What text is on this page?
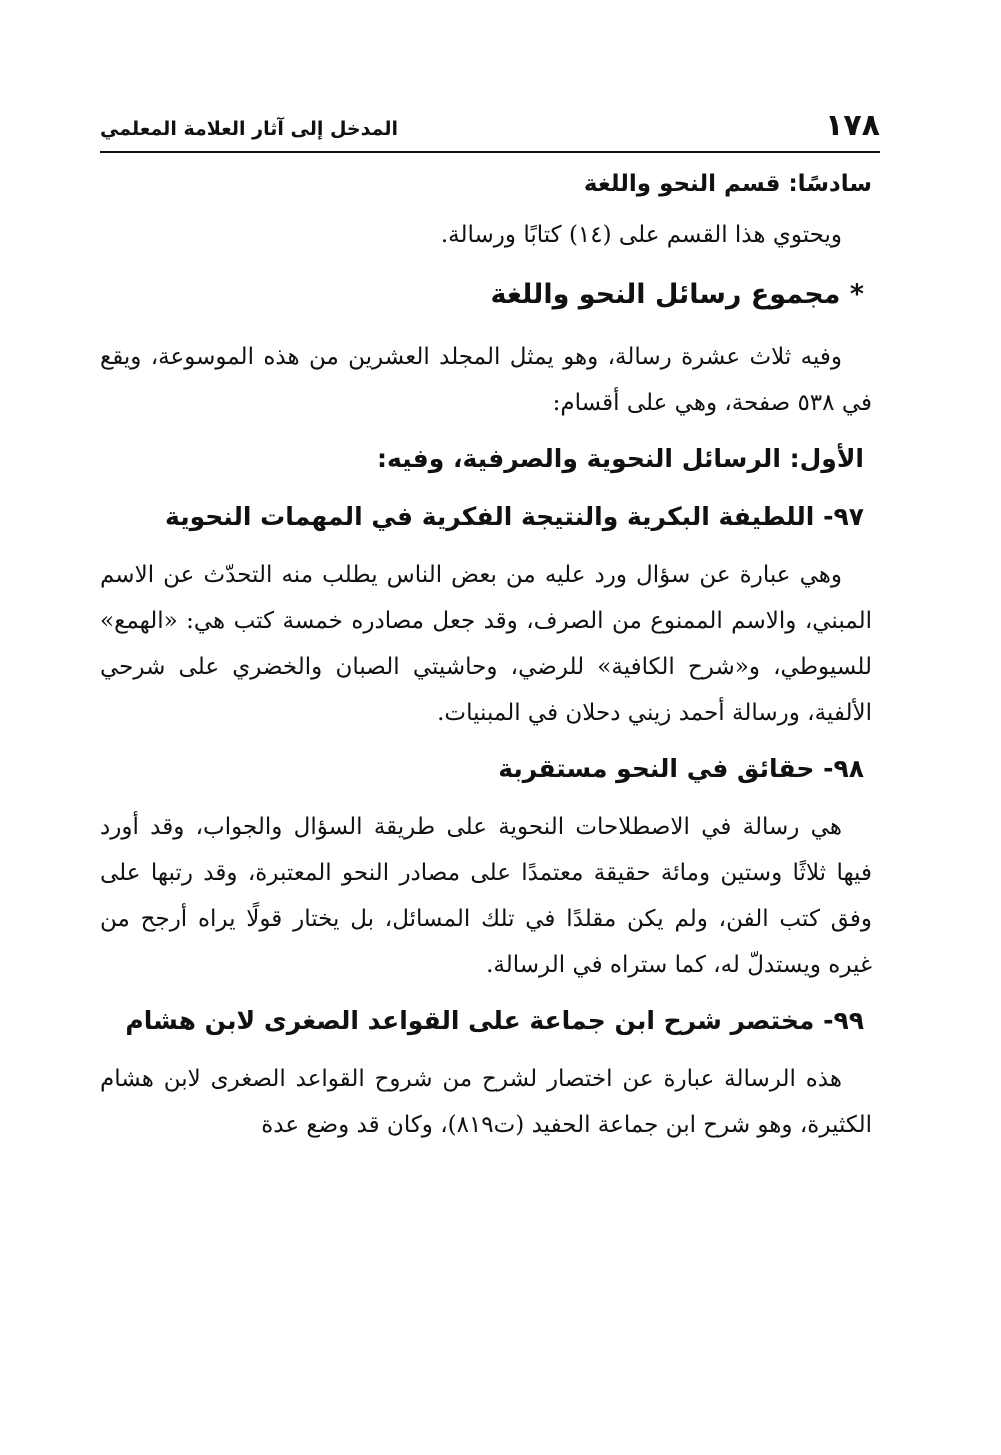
١٧٨
المدخل إلى آثار العلامة المعلمي
سادسًا: قسم النحو واللغة

ويحتوي هذا القسم على (١٤) كتابًا ورسالة.

* مجموع رسائل النحو واللغة

وفيه ثلاث عشرة رسالة، وهو يمثل المجلد العشرين من هذه الموسوعة، ويقع في ٥٣٨ صفحة، وهي على أقسام:

الأول: الرسائل النحوية والصرفية، وفيه:
٩٧- اللطيفة البكرية والنتيجة الفكرية في المهمات النحوية

وهي عبارة عن سؤال ورد عليه من بعض الناس يطلب منه التحدّث عن الاسم المبني، والاسم الممنوع من الصرف، وقد جعل مصادره خمسة كتب هي: «الهمع» للسيوطي، و«شرح الكافية» للرضي، وحاشيتي الصبان والخضري على شرحي الألفية، ورسالة أحمد زيني دحلان في المبنيات.

٩٨- حقائق في النحو مستقربة

هي رسالة في الاصطلاحات النحوية على طريقة السؤال والجواب، وقد أورد فيها ثلاثًا وستين ومائة حقيقة معتمدًا على مصادر النحو المعتبرة، وقد رتبها على وفق كتب الفن، ولم يكن مقلدًا في تلك المسائل، بل يختار قولًا يراه أرجح من غيره ويستدلّ له، كما ستراه في الرسالة.

٩٩- مختصر شرح ابن جماعة على القواعد الصغرى لابن هشام

هذه الرسالة عبارة عن اختصار لشرح من شروح القواعد الصغرى لابن هشام الكثيرة، وهو شرح ابن جماعة الحفيد (ت٨١٩)، وكان قد وضع عدة
